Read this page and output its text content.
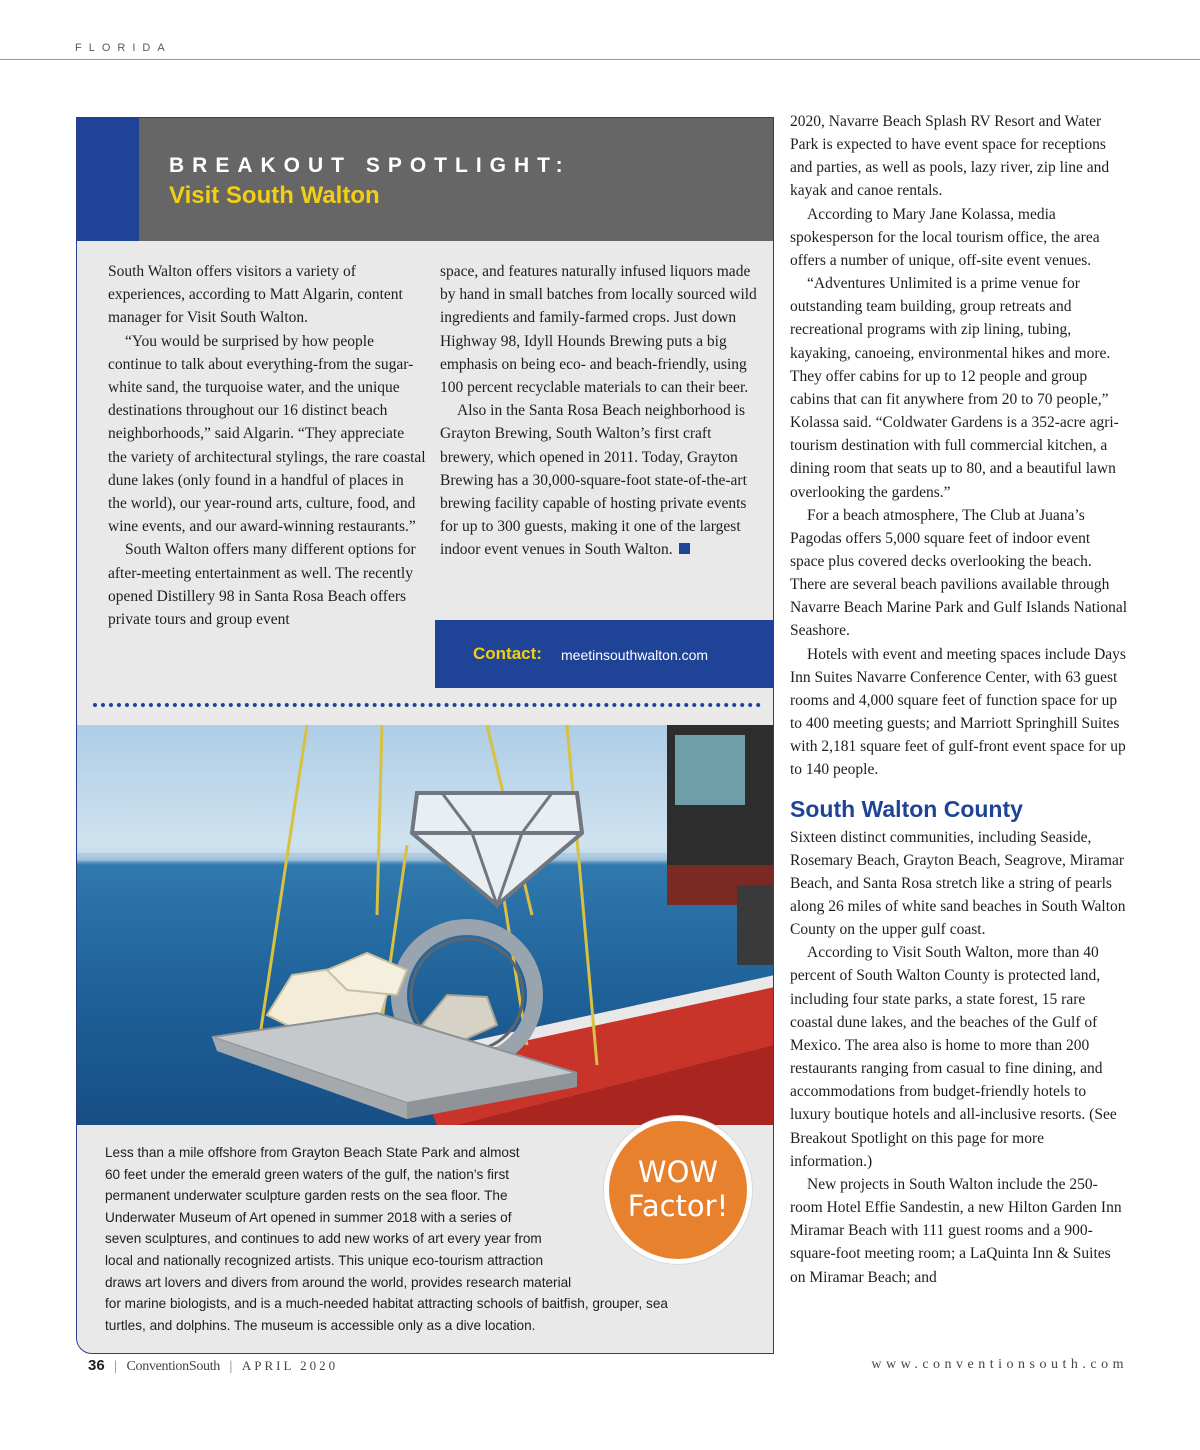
FLORIDA
BREAKOUT SPOTLIGHT:
Visit South Walton

South Walton offers visitors a variety of experiences, according to Matt Algarin, content manager for Visit South Walton.

“You would be surprised by how people continue to talk about everything-from the sugar-white sand, the turquoise water, and the unique destinations throughout our 16 distinct beach neighborhoods,” said Algarin. “They appreciate the variety of architectural stylings, the rare coastal dune lakes (only found in a handful of places in the world), our year-round arts, culture, food, and wine events, and our award-winning restaurants.”

South Walton offers many different options for after-meeting entertainment as well. The recently opened Distillery 98 in Santa Rosa Beach offers private tours and group event

space, and features naturally infused liquors made by hand in small batches from locally sourced wild ingredients and family-farmed crops. Just down Highway 98, Idyll Hounds Brewing puts a big emphasis on being eco- and beach-friendly, using 100 percent recyclable materials to can their beer.

Also in the Santa Rosa Beach neighborhood is Grayton Brewing, South Walton’s first craft brewery, which opened in 2011. Today, Grayton Brewing has a 30,000-square-foot state-of-the-art brewing facility capable of hosting private events for up to 300 guests, making it one of the largest indoor event venues in South Walton.

Contact: meetinsouthwalton.com
Less than a mile offshore from Grayton Beach State Park and almost
60 feet under the emerald green waters of the gulf, the nation’s first
permanent underwater sculpture garden rests on the sea floor. The
Underwater Museum of Art opened in summer 2018 with a series of
seven sculptures, and continues to add new works of art every year from
local and nationally recognized artists. This unique eco-tourism attraction
draws art lovers and divers from around the world, provides research material
for marine biologists, and is a much-needed habitat attracting schools of baitfish, grouper, sea
turtles, and dolphins. The museum is accessible only as a dive location.
WOW
Factor!

2020, Navarre Beach Splash RV Resort and Water Park is expected to have event space for receptions and parties, as well as pools, lazy river, zip line and kayak and canoe rentals.

According to Mary Jane Kolassa, media spokesperson for the local tourism office, the area offers a number of unique, off-site event venues.

“Adventures Unlimited is a prime venue for outstanding team building, group retreats and recreational programs with zip lining, tubing, kayaking, canoeing, environmental hikes and more. They offer cabins for up to 12 people and group cabins that can fit anywhere from 20 to 70 people,” Kolassa said. “Coldwater Gardens is a 352-acre agri-tourism destination with full commercial kitchen, a dining room that seats up to 80, and a beautiful lawn overlooking the gardens.”

For a beach atmosphere, The Club at Juana’s Pagodas offers 5,000 square feet of indoor event space plus covered decks overlooking the beach. There are several beach pavilions available through Navarre Beach Marine Park and Gulf Islands National Seashore.

Hotels with event and meeting spaces include Days Inn Suites Navarre Conference Center, with 63 guest rooms and 4,000 square feet of function space for up to 400 meeting guests; and Marriott Springhill Suites with 2,181 square feet of gulf-front event space for up to 140 people.

South Walton County

Sixteen distinct communities, including Seaside, Rosemary Beach, Grayton Beach, Seagrove, Miramar Beach, and Santa Rosa stretch like a string of pearls along 26 miles of white sand beaches in South Walton County on the upper gulf coast.

According to Visit South Walton, more than 40 percent of South Walton County is protected land, including four state parks, a state forest, 15 rare coastal dune lakes, and the beaches of the Gulf of Mexico. The area also is home to more than 200 restaurants ranging from casual to fine dining, and accommodations from budget-friendly hotels to luxury boutique hotels and all-inclusive resorts. (See Breakout Spotlight on this page for more information.)

New projects in South Walton include the 250-room Hotel Effie Sandestin, a new Hilton Garden Inn Miramar Beach with 111 guest rooms and a 900-square-foot meeting room; a LaQuinta Inn & Suites on Miramar Beach; and

36 | ConventionSouth | APRIL 2020	www.conventionsouth.com
